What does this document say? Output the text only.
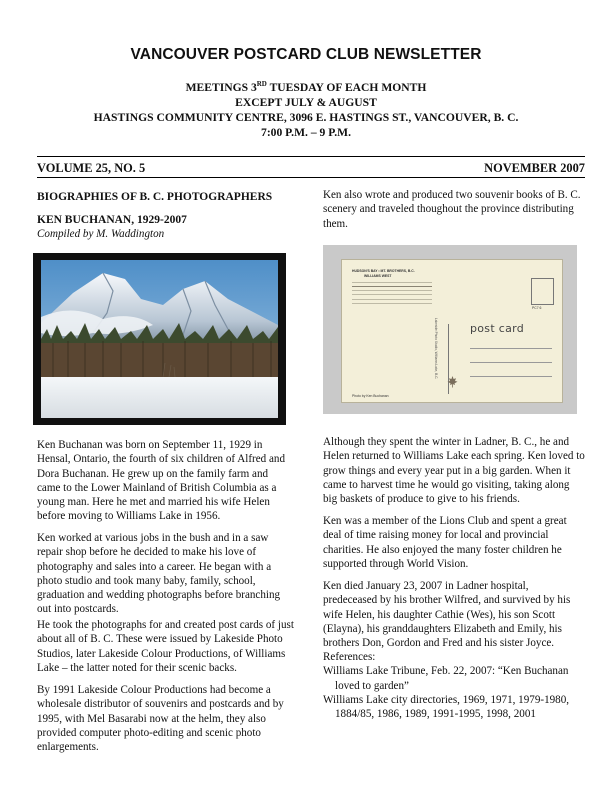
VANCOUVER POSTCARD CLUB NEWSLETTER
MEETINGS 3RD TUESDAY OF EACH MONTH
EXCEPT JULY & AUGUST
HASTINGS COMMUNITY CENTRE, 3096 E. HASTINGS ST., VANCOUVER, B. C.
7:00 P.M. – 9 P.M.
VOLUME 25, NO. 5	NOVEMBER 2007
BIOGRAPHIES OF B. C. PHOTOGRAPHERS
KEN BUCHANAN, 1929-2007
Compiled by M. Waddington
Ken Buchanan was born on September 11, 1929 in Hensal, Ontario, the fourth of six children of Alfred and Dora Buchanan. He grew up on the family farm and came to the Lower Mainland of British Columbia as a young man. Here he met and married his wife Helen before moving to Williams Lake in 1956.
Ken worked at various jobs in the bush and in a saw repair shop before he decided to make his love of photography and sales into a career. He began with a photo studio and took many baby, family, school, graduation and wedding photographs before branching out into postcards.
He took the photographs for and created post cards of just about all of B. C. These were issued by Lakeside Photo Studios, later Lakeside Colour Productions, of Williams Lake – the latter noted for their scenic backs.
By 1991 Lakeside Colour Productions had become a wholesale distributor of souvenirs and postcards and by 1995, with Mel Basarabi now at the helm, they also provided computer photo-editing and scenic photo enlargements.
Ken also wrote and produced two souvenir books of B. C. scenery and traveled thoughout the province distributing them.
HUDSON'S BAY • MT. BROTHERS, B.C.
WILLIAMS WEST
PC7 6
post card
Lakeside Photo Studio, Williams Lake, B.C.
Photo by Ken Buchanan
Although they spent the winter in Ladner, B. C., he and Helen returned to Williams Lake each spring. Ken loved to grow things and every year put in a big garden. When it came to harvest time he would go visiting, taking along big baskets of produce to give to his friends.
Ken was a member of the Lions Club and spent a great deal of time raising money for local and provincial charities. He also enjoyed the many foster children he supported through World Vision.
Ken died January 23, 2007 in Ladner hospital, predeceased by his brother Wilfred, and survived by his wife Helen, his daughter Cathie (Wes), his son Scott (Elayna), his granddaughters Elizabeth and Emily, his brothers Don, Gordon and Fred and his sister Joyce.
References:
Williams Lake Tribune, Feb. 22, 2007: “Ken Buchanan loved to garden”
Williams Lake city directories, 1969, 1971, 1979-1980, 1884/85, 1986, 1989, 1991-1995, 1998, 2001
